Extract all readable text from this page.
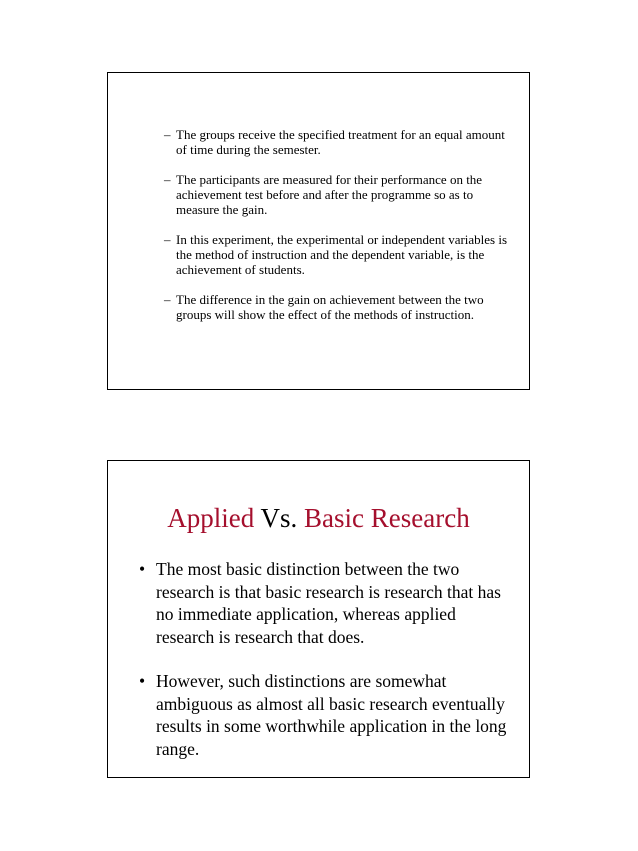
– The groups receive the specified treatment for an equal amount of time during the semester.
– The participants are measured for their performance on the achievement test before and after the programme so as to measure the gain.
– In this experiment, the experimental or independent variables is the method of instruction and the dependent variable, is the achievement of students.
– The difference in the gain on achievement between the two groups will show the effect of the methods of instruction.
Applied Vs. Basic Research
• The most basic distinction between the two research is that basic research is research that has no immediate application, whereas applied research is research that does.
• However, such distinctions are somewhat ambiguous as almost all basic research eventually results in some worthwhile application in the long range.
